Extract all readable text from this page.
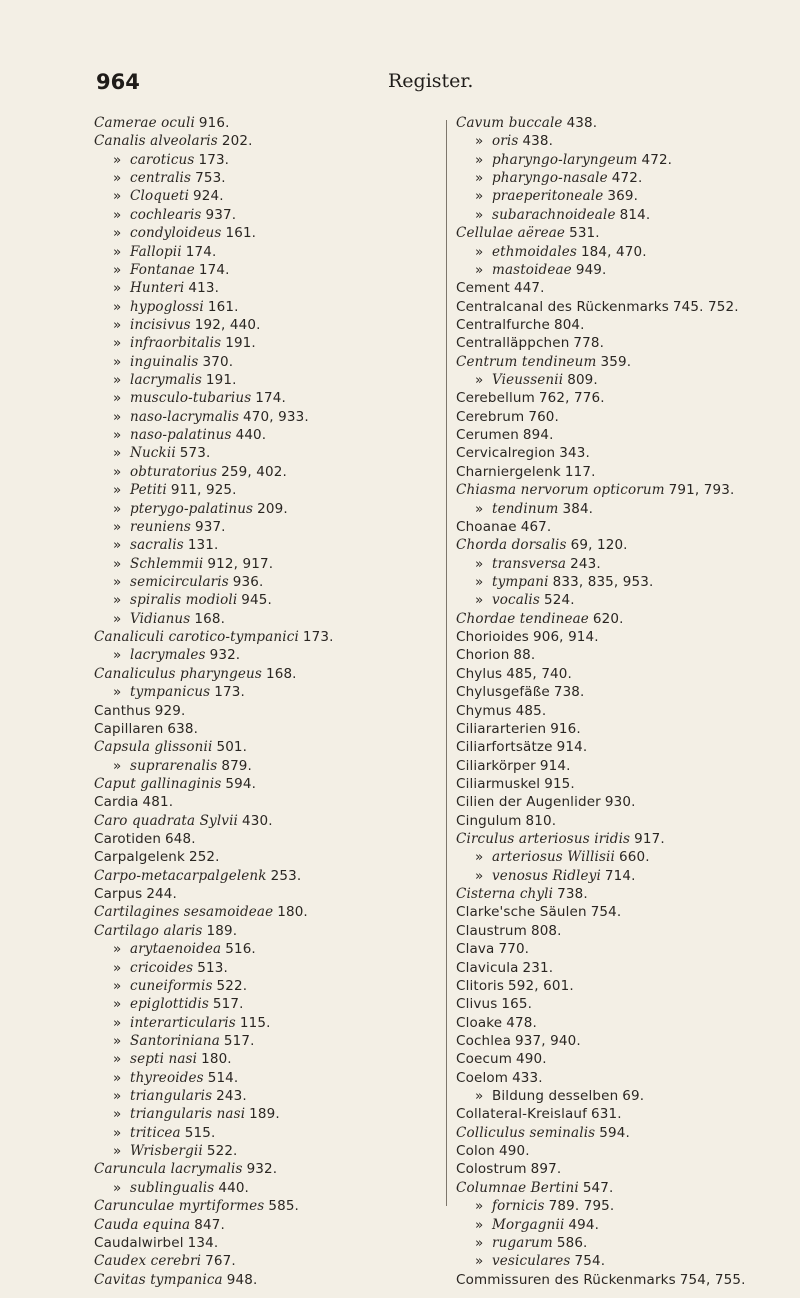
964	Register.
Camerae oculi 916.
Canalis alveolaris 202.
» caroticus 173.
» centralis 753.
» Cloqueti 924.
» cochlearis 937.
» condyloideus 161.
» Fallopii 174.
» Fontanae 174.
» Hunteri 413.
» hypoglossi 161.
» incisivus 192, 440.
» infraorbitalis 191.
» inguinalis 370.
» lacrymalis 191.
» musculo-tubarius 174.
» naso-lacrymalis 470, 933.
» naso-palatinus 440.
» Nuckii 573.
» obturatorius 259, 402.
» Petiti 911, 925.
» pterygo-palatinus 209.
» reuniens 937.
» sacralis 131.
» Schlemmii 912, 917.
» semicircularis 936.
» spiralis modioli 945.
» Vidianus 168.
Canaliculi carotico-tympanici 173.
» lacrymales 932.
Canaliculus pharyngeus 168.
» tympanicus 173.
Canthus 929.
Capillaren 638.
Capsula glissonii 501.
» suprarenalis 879.
Caput gallinaginis 594.
Cardia 481.
Caro quadrata Sylvii 430.
Carotiden 648.
Carpalgelenk 252.
Carpo-metacarpalgelenk 253.
Carpus 244.
Cartilagines sesamoideae 180.
Cartilago alaris 189.
» arytaenoidea 516.
» cricoides 513.
» cuneiformis 522.
» epiglottidis 517.
» interarticularis 115.
» Santoriniana 517.
» septi nasi 180.
» thyreoides 514.
» triangularis 243.
» triangularis nasi 189.
» triticea 515.
» Wrisbergii 522.
Caruncula lacrymalis 932.
» sublingualis 440.
Carunculae myrtiformes 585.
Cauda equina 847.
Caudalwirbel 134.
Caudex cerebri 767.
Cavitas tympanica 948.
Cavum buccale 438.
» oris 438.
» pharyngo-laryngeum 472.
» pharyngo-nasale 472.
» praeperitoneale 369.
» subarachnoideale 814.
Cellulae aëreae 531.
» ethmoidales 184, 470.
» mastoideae 949.
Cement 447.
Centralcanal des Rückenmarks 745. 752.
Centralfurche 804.
Centralläppchen 778.
Centrum tendineum 359.
» Vieussenii 809.
Cerebellum 762, 776.
Cerebrum 760.
Cerumen 894.
Cervicalregion 343.
Charniergelenk 117.
Chiasma nervorum opticorum 791, 793.
» tendinum 384.
Choanae 467.
Chorda dorsalis 69, 120.
» transversa 243.
» tympani 833, 835, 953.
» vocalis 524.
Chordae tendineae 620.
Chorioides 906, 914.
Chorion 88.
Chylus 485, 740.
Chylusgefäße 738.
Chymus 485.
Ciliararterien 916.
Ciliarfortsätze 914.
Ciliarkörper 914.
Ciliarmuskel 915.
Cilien der Augenlider 930.
Cingulum 810.
Circulus arteriosus iridis 917.
» arteriosus Willisii 660.
» venosus Ridleyi 714.
Cisterna chyli 738.
Clarke'sche Säulen 754.
Claustrum 808.
Clava 770.
Clavicula 231.
Clitoris 592, 601.
Clivus 165.
Cloake 478.
Cochlea 937, 940.
Coecum 490.
Coelom 433.
» Bildung desselben 69.
Collateral-Kreislauf 631.
Colliculus seminalis 594.
Colon 490.
Colostrum 897.
Columnae Bertini 547.
» fornicis 789. 795.
» Morgagnii 494.
» rugarum 586.
» vesiculares 754.
Commissuren des Rückenmarks 754, 755.
